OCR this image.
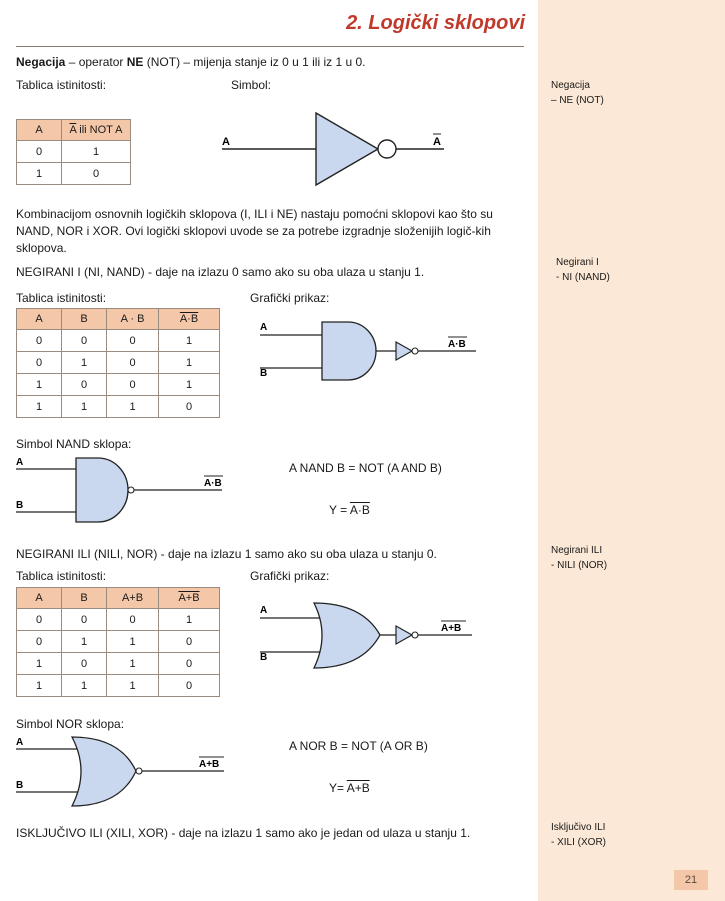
2. Logički sklopovi
Negacija
– NE (NOT)
Negirani I
- NI (NAND)
Negirani ILI
- NILI (NOR)
Isključivo ILI
- XILI (XOR)
Negacija – operator NE (NOT) – mijenja stanje iz 0 u 1 ili iz 1 u 0.
Tablica istinitosti:	Simbol:
A	$\overline{A}$ ili NOT A
0	1
1	0
A	A
Kombinacijom osnovnih logičkih sklopova (I, ILI i NE) nastaju pomoćni sklopovi kao što su NAND, NOR i XOR. Ovi logički sklopovi uvode se za potrebe izgradnje složenijih logič-kih sklopova.
NEGIRANI I (NI, NAND) - daje na izlazu 0 samo ako su oba ulaza u stanju 1.
Tablica istinitosti:	Grafički prikaz:
A	B	A · B	A·B
0	0	0	1
0	1	0	1
1	0	0	1
1	1	1	0
A
B
A·B
Simbol NAND sklopa:
A
B
A·B
A NAND B = NOT (A AND B)
Y = A·B
NEGIRANI ILI (NILI, NOR) - daje na izlazu 1 samo ako su oba ulaza u stanju 0.
Tablica istinitosti:	Grafički prikaz:
A	B	A+B	A+B
0	0	0	1
0	1	1	0
1	0	1	0
1	1	1	0
A
B
A+B
Simbol NOR sklopa:
A
B
A+B
A NOR B = NOT (A OR B)
Y= A+B
ISKLJUČIVO ILI (XILI, XOR) - daje na izlazu 1 samo ako je jedan od ulaza u stanju 1.
21
